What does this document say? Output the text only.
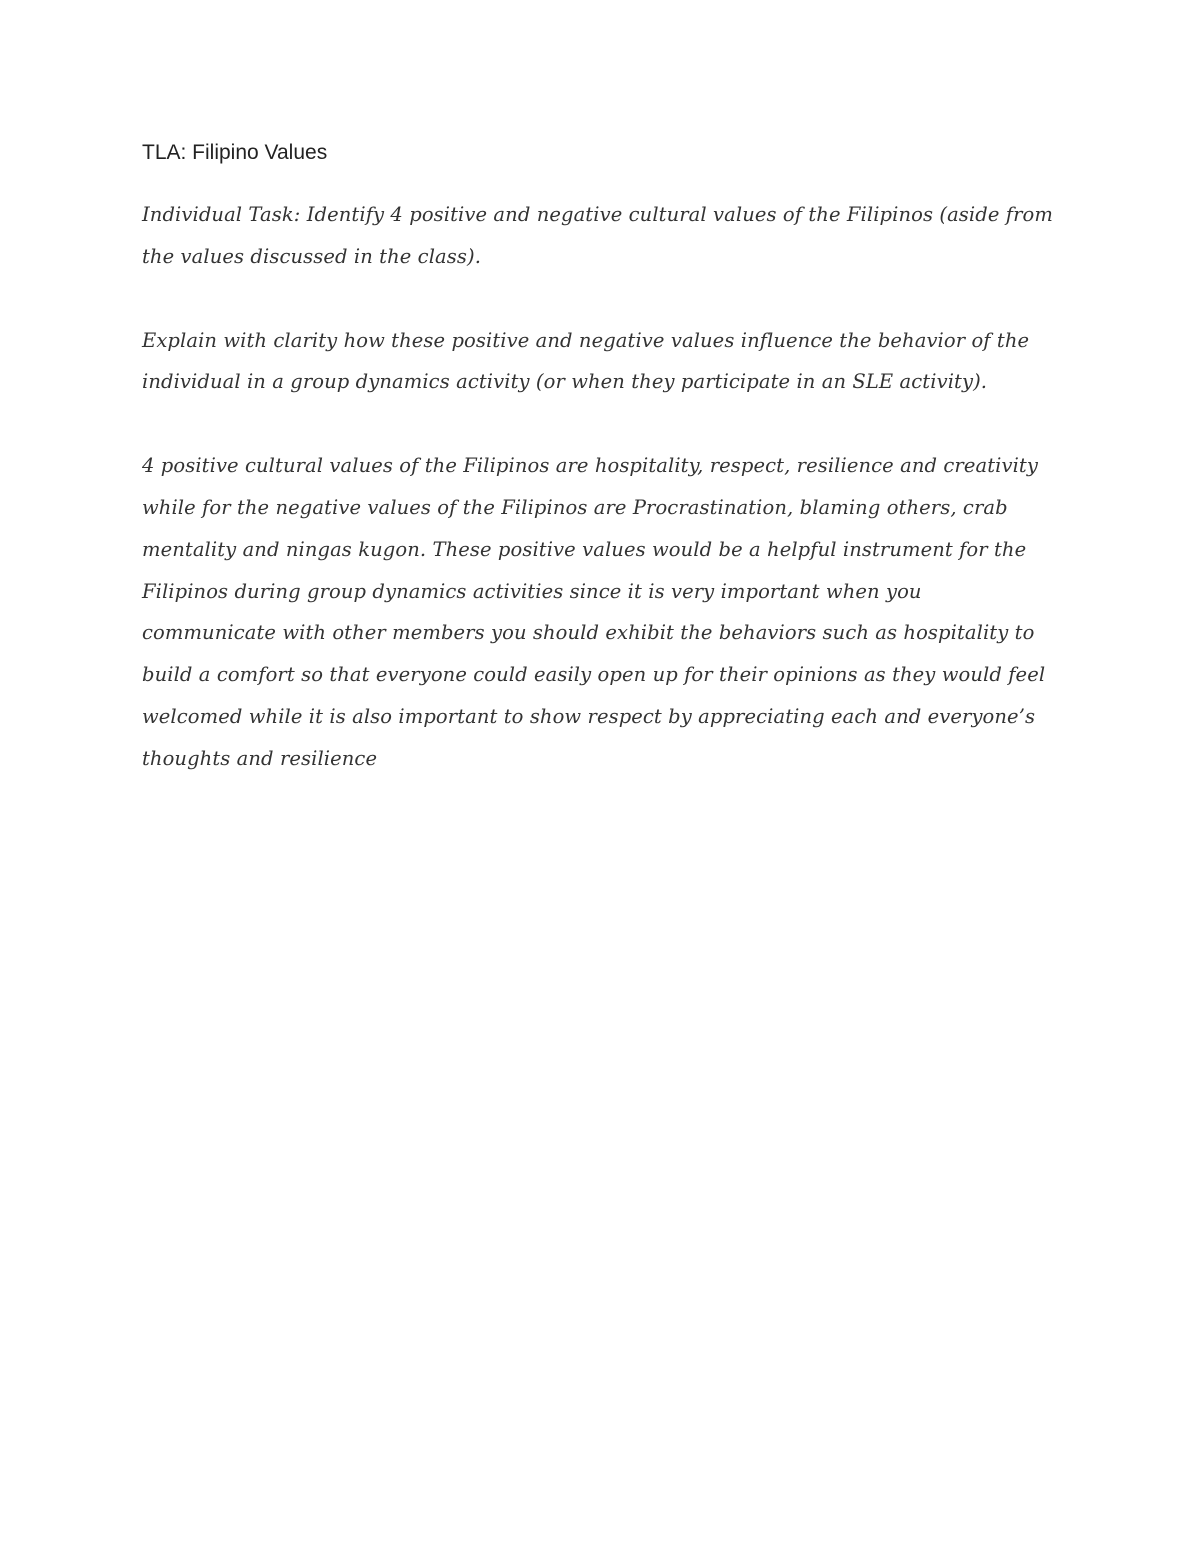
TLA: Filipino Values

Individual Task: Identify 4 positive and negative cultural values of the Filipinos (aside from the values discussed in the class).

Explain with clarity how these positive and negative values influence the behavior of the individual in a group dynamics activity (or when they participate in an SLE activity).

4 positive cultural values of the Filipinos are hospitality, respect, resilience and creativity while for the negative values of the Filipinos are Procrastination, blaming others, crab mentality and ningas kugon. These positive values would be a helpful instrument for the Filipinos during group dynamics activities since it is very important when you communicate with other members you should exhibit the behaviors such as hospitality to build a comfort so that everyone could easily open up for their opinions as they would feel welcomed while it is also important to show respect by appreciating each and everyone’s thoughts and resilience
